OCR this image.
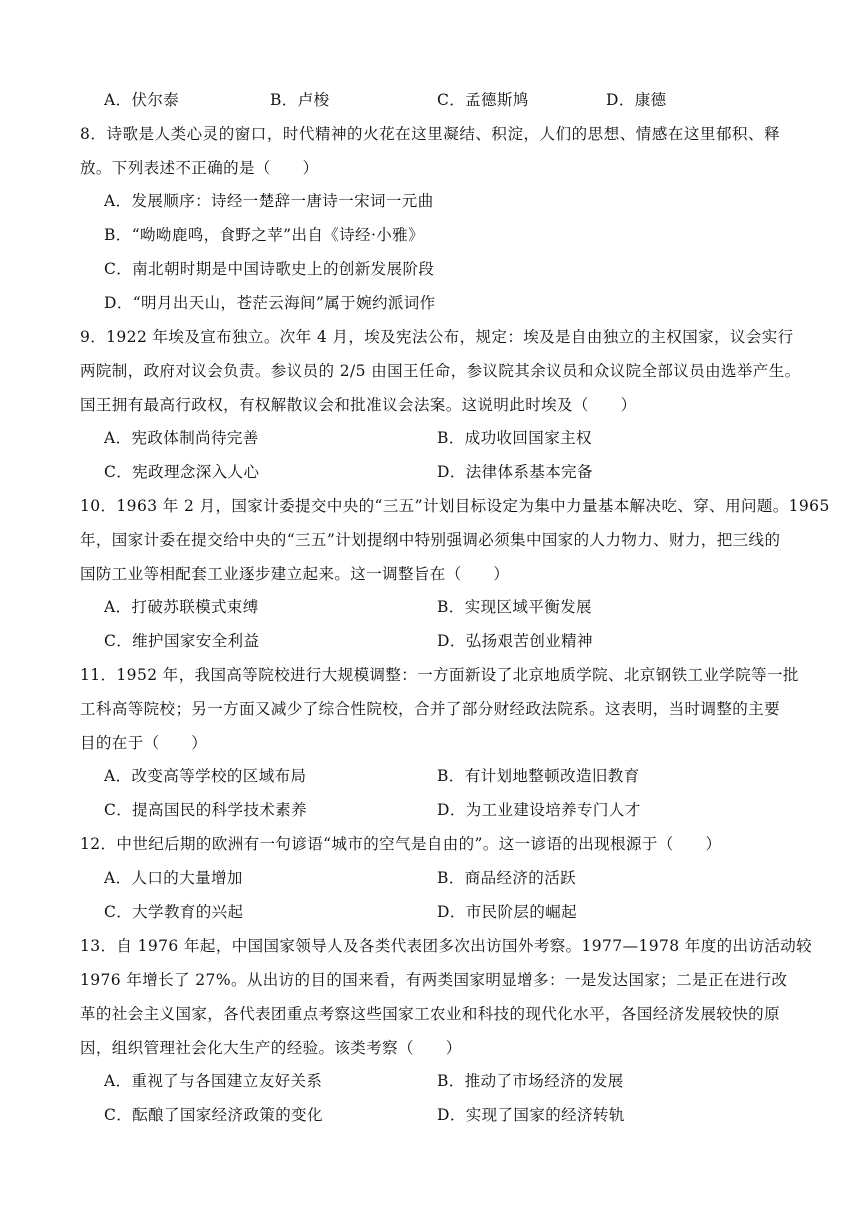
A．伏尔泰	B．卢梭	C．孟德斯鸠	D．康德
8．诗歌是人类心灵的窗口，时代精神的火花在这里凝结、积淀，人们的思想、情感在这里郁积、释
放。下列表述不正确的是（　　）
A．发展顺序：诗经一楚辞一唐诗一宋词一元曲
B．“呦呦鹿鸣，食野之苹”出自《诗经·小雅》
C．南北朝时期是中国诗歌史上的创新发展阶段
D．“明月出天山，苍茫云海间”属于婉约派词作
9．1922 年埃及宣布独立。次年 4 月，埃及宪法公布，规定：埃及是自由独立的主权国家，议会实行
两院制，政府对议会负责。参议员的 2/5 由国王任命，参议院其余议员和众议院全部议员由选举产生。
国王拥有最高行政权，有权解散议会和批准议会法案。这说明此时埃及（　　）
A．宪政体制尚待完善	B．成功收回国家主权
C．宪政理念深入人心	D．法律体系基本完备
10．1963 年 2 月，国家计委提交中央的“三五”计划目标设定为集中力量基本解决吃、穿、用问题。1965
年，国家计委在提交给中央的“三五”计划提纲中特别强调必须集中国家的人力物力、财力，把三线的
国防工业等相配套工业逐步建立起来。这一调整旨在（　　）
A．打破苏联模式束缚	B．实现区域平衡发展
C．维护国家安全利益	D．弘扬艰苦创业精神
11．1952 年，我国高等院校进行大规模调整：一方面新设了北京地质学院、北京钢铁工业学院等一批
工科高等院校；另一方面又减少了综合性院校，合并了部分财经政法院系。这表明，当时调整的主要
目的在于（　　）
A．改变高等学校的区域布局	B．有计划地整顿改造旧教育
C．提高国民的科学技术素养	D．为工业建设培养专门人才
12．中世纪后期的欧洲有一句谚语“城市的空气是自由的”。这一谚语的出现根源于（　　）
A．人口的大量增加	B．商品经济的活跃
C．大学教育的兴起	D．市民阶层的崛起
13．自 1976 年起，中国国家领导人及各类代表团多次出访国外考察。1977—1978 年度的出访活动较
1976 年增长了 27%。从出访的目的国来看，有两类国家明显增多：一是发达国家；二是正在进行改
革的社会主义国家，各代表团重点考察这些国家工农业和科技的现代化水平，各国经济发展较快的原
因，组织管理社会化大生产的经验。该类考察（　　）
A．重视了与各国建立友好关系	B．推动了市场经济的发展
C．酝酿了国家经济政策的变化	D．实现了国家的经济转轨
